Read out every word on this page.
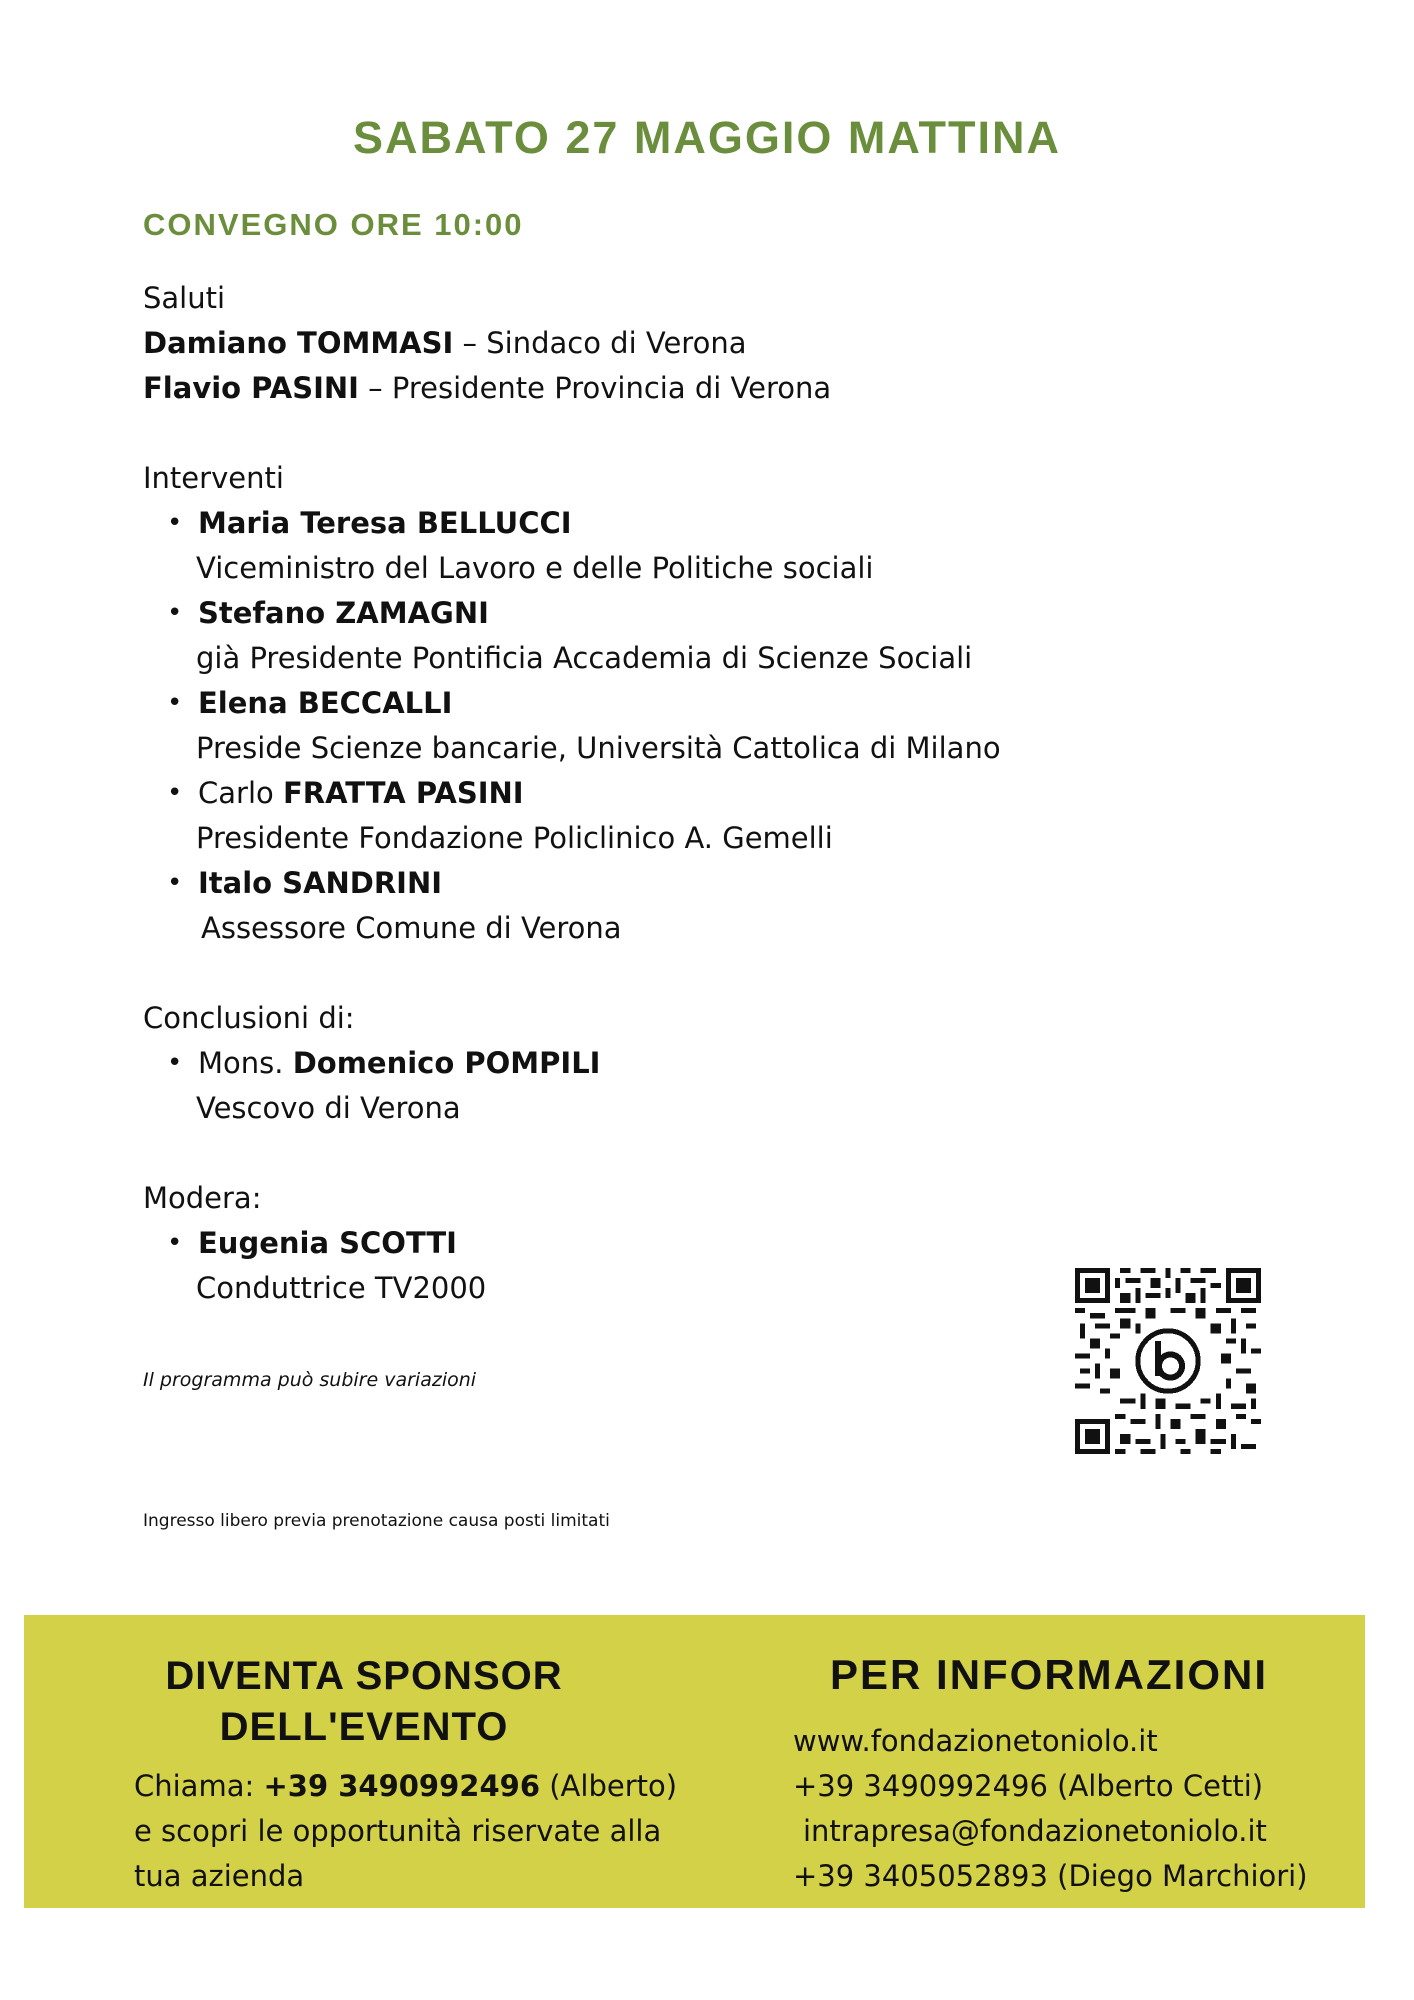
SABATO 27 MAGGIO MATTINA
CONVEGNO ORE 10:00
Saluti
Damiano TOMMASI – Sindaco di Verona
Flavio PASINI – Presidente Provincia di Verona
Interventi
• Maria Teresa BELLUCCI
Viceministro del Lavoro e delle Politiche sociali
• Stefano ZAMAGNI
già Presidente Pontificia Accademia di Scienze Sociali
• Elena BECCALLI
Preside Scienze bancarie, Università Cattolica di Milano
• Carlo FRATTA PASINI
Presidente Fondazione Policlinico A. Gemelli
• Italo SANDRINI
Assessore Comune di Verona
Conclusioni di:
• Mons. Domenico POMPILI
Vescovo di Verona
Modera:
• Eugenia SCOTTI
Conduttrice TV2000
Il programma può subire variazioni
Ingresso libero previa prenotazione causa posti limitati
DIVENTA SPONSOR
DELL'EVENTO
Chiama: +39 3490992496 (Alberto)
e scopri le opportunità riservate alla
tua azienda
PER INFORMAZIONI
www.fondazionetoniolo.it
+39 3490992496 (Alberto Cetti)
intrapresa@fondazionetoniolo.it
+39 3405052893 (Diego Marchiori)
